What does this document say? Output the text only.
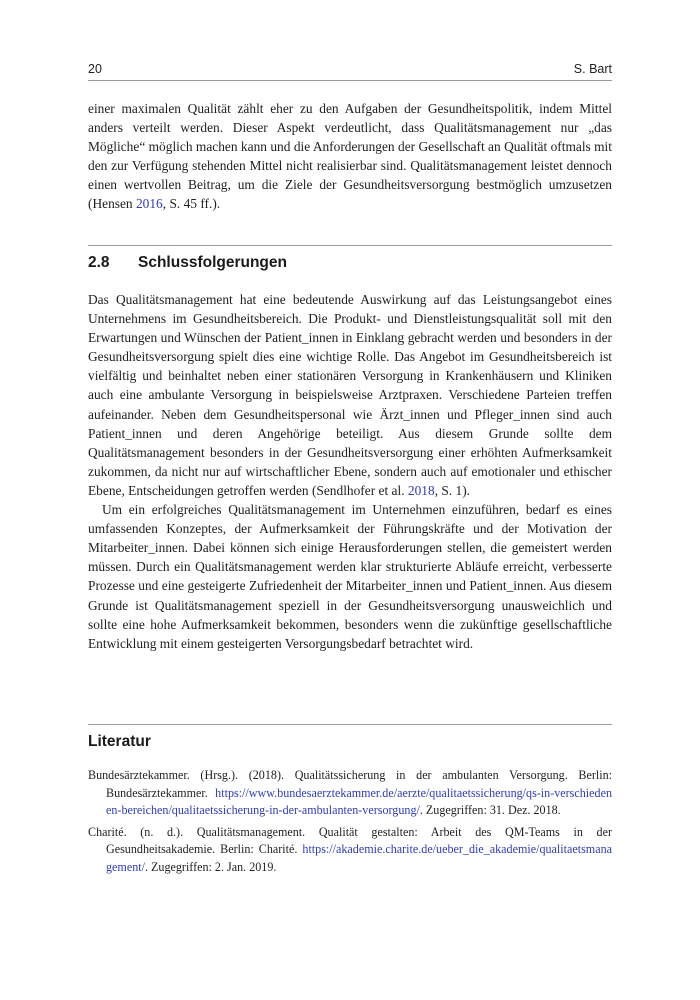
20	S. Bart

einer maximalen Qualität zählt eher zu den Aufgaben der Gesundheitspolitik, indem Mittel anders verteilt werden. Dieser Aspekt verdeutlicht, dass Qualitätsmanagement nur „das Mögliche“ möglich machen kann und die Anforderungen der Gesellschaft an Qualität oftmals mit den zur Verfügung stehenden Mittel nicht realisierbar sind. Qualitätsmanagement leistet dennoch einen wertvollen Beitrag, um die Ziele der Gesundheitsversorgung bestmöglich umzusetzen (Hensen 2016, S. 45 ff.).

2.8 Schlussfolgerungen

Das Qualitätsmanagement hat eine bedeutende Auswirkung auf das Leistungsangebot eines Unternehmens im Gesundheitsbereich. Die Produkt- und Dienstleistungsqualität soll mit den Erwartungen und Wünschen der Patient_innen in Einklang gebracht werden und besonders in der Gesundheitsversorgung spielt dies eine wichtige Rolle. Das Angebot im Gesundheitsbereich ist vielfältig und beinhaltet neben einer stationären Versorgung in Krankenhäusern und Kliniken auch eine ambulante Versorgung in beispielsweise Arztpraxen. Verschiedene Parteien treffen aufeinander. Neben dem Gesundheitspersonal wie Ärzt_innen und Pfleger_innen sind auch Patient_innen und deren Angehörige beteiligt. Aus diesem Grunde sollte dem Qualitätsmanagement besonders in der Gesundheitsversorgung einer erhöhten Aufmerksamkeit zukommen, da nicht nur auf wirtschaftlicher Ebene, sondern auch auf emotionaler und ethischer Ebene, Entscheidungen getroffen werden (Sendlhofer et al. 2018, S. 1).

Um ein erfolgreiches Qualitätsmanagement im Unternehmen einzuführen, bedarf es eines umfassenden Konzeptes, der Aufmerksamkeit der Führungskräfte und der Motivation der Mitarbeiter_innen. Dabei können sich einige Herausforderungen stellen, die gemeistert werden müssen. Durch ein Qualitätsmanagement werden klar strukturierte Abläufe erreicht, verbesserte Prozesse und eine gesteigerte Zufriedenheit der Mitarbeiter_innen und Patient_innen. Aus diesem Grunde ist Qualitätsmanagement speziell in der Gesundheitsversorgung unausweichlich und sollte eine hohe Aufmerksamkeit bekommen, besonders wenn die zukünftige gesellschaftliche Entwicklung mit einem gesteigerten Versorgungsbedarf betrachtet wird.

Literatur

Bundesärztekammer. (Hrsg.). (2018). Qualitätssicherung in der ambulanten Versorgung. Berlin: Bundesärztekammer. https://www.bundesaerztekammer.de/aerzte/qualitaetssicherung/qs-in-verschiedenen-bereichen/qualitaetssicherung-in-der-ambulanten-versorgung/. Zugegriffen: 31. Dez. 2018.

Charité. (n. d.). Qualitätsmanagement. Qualität gestalten: Arbeit des QM-Teams in der Gesundheitsakademie. Berlin: Charité. https://akademie.charite.de/ueber_die_akademie/qualitaetsmanagement/. Zugegriffen: 2. Jan. 2019.
